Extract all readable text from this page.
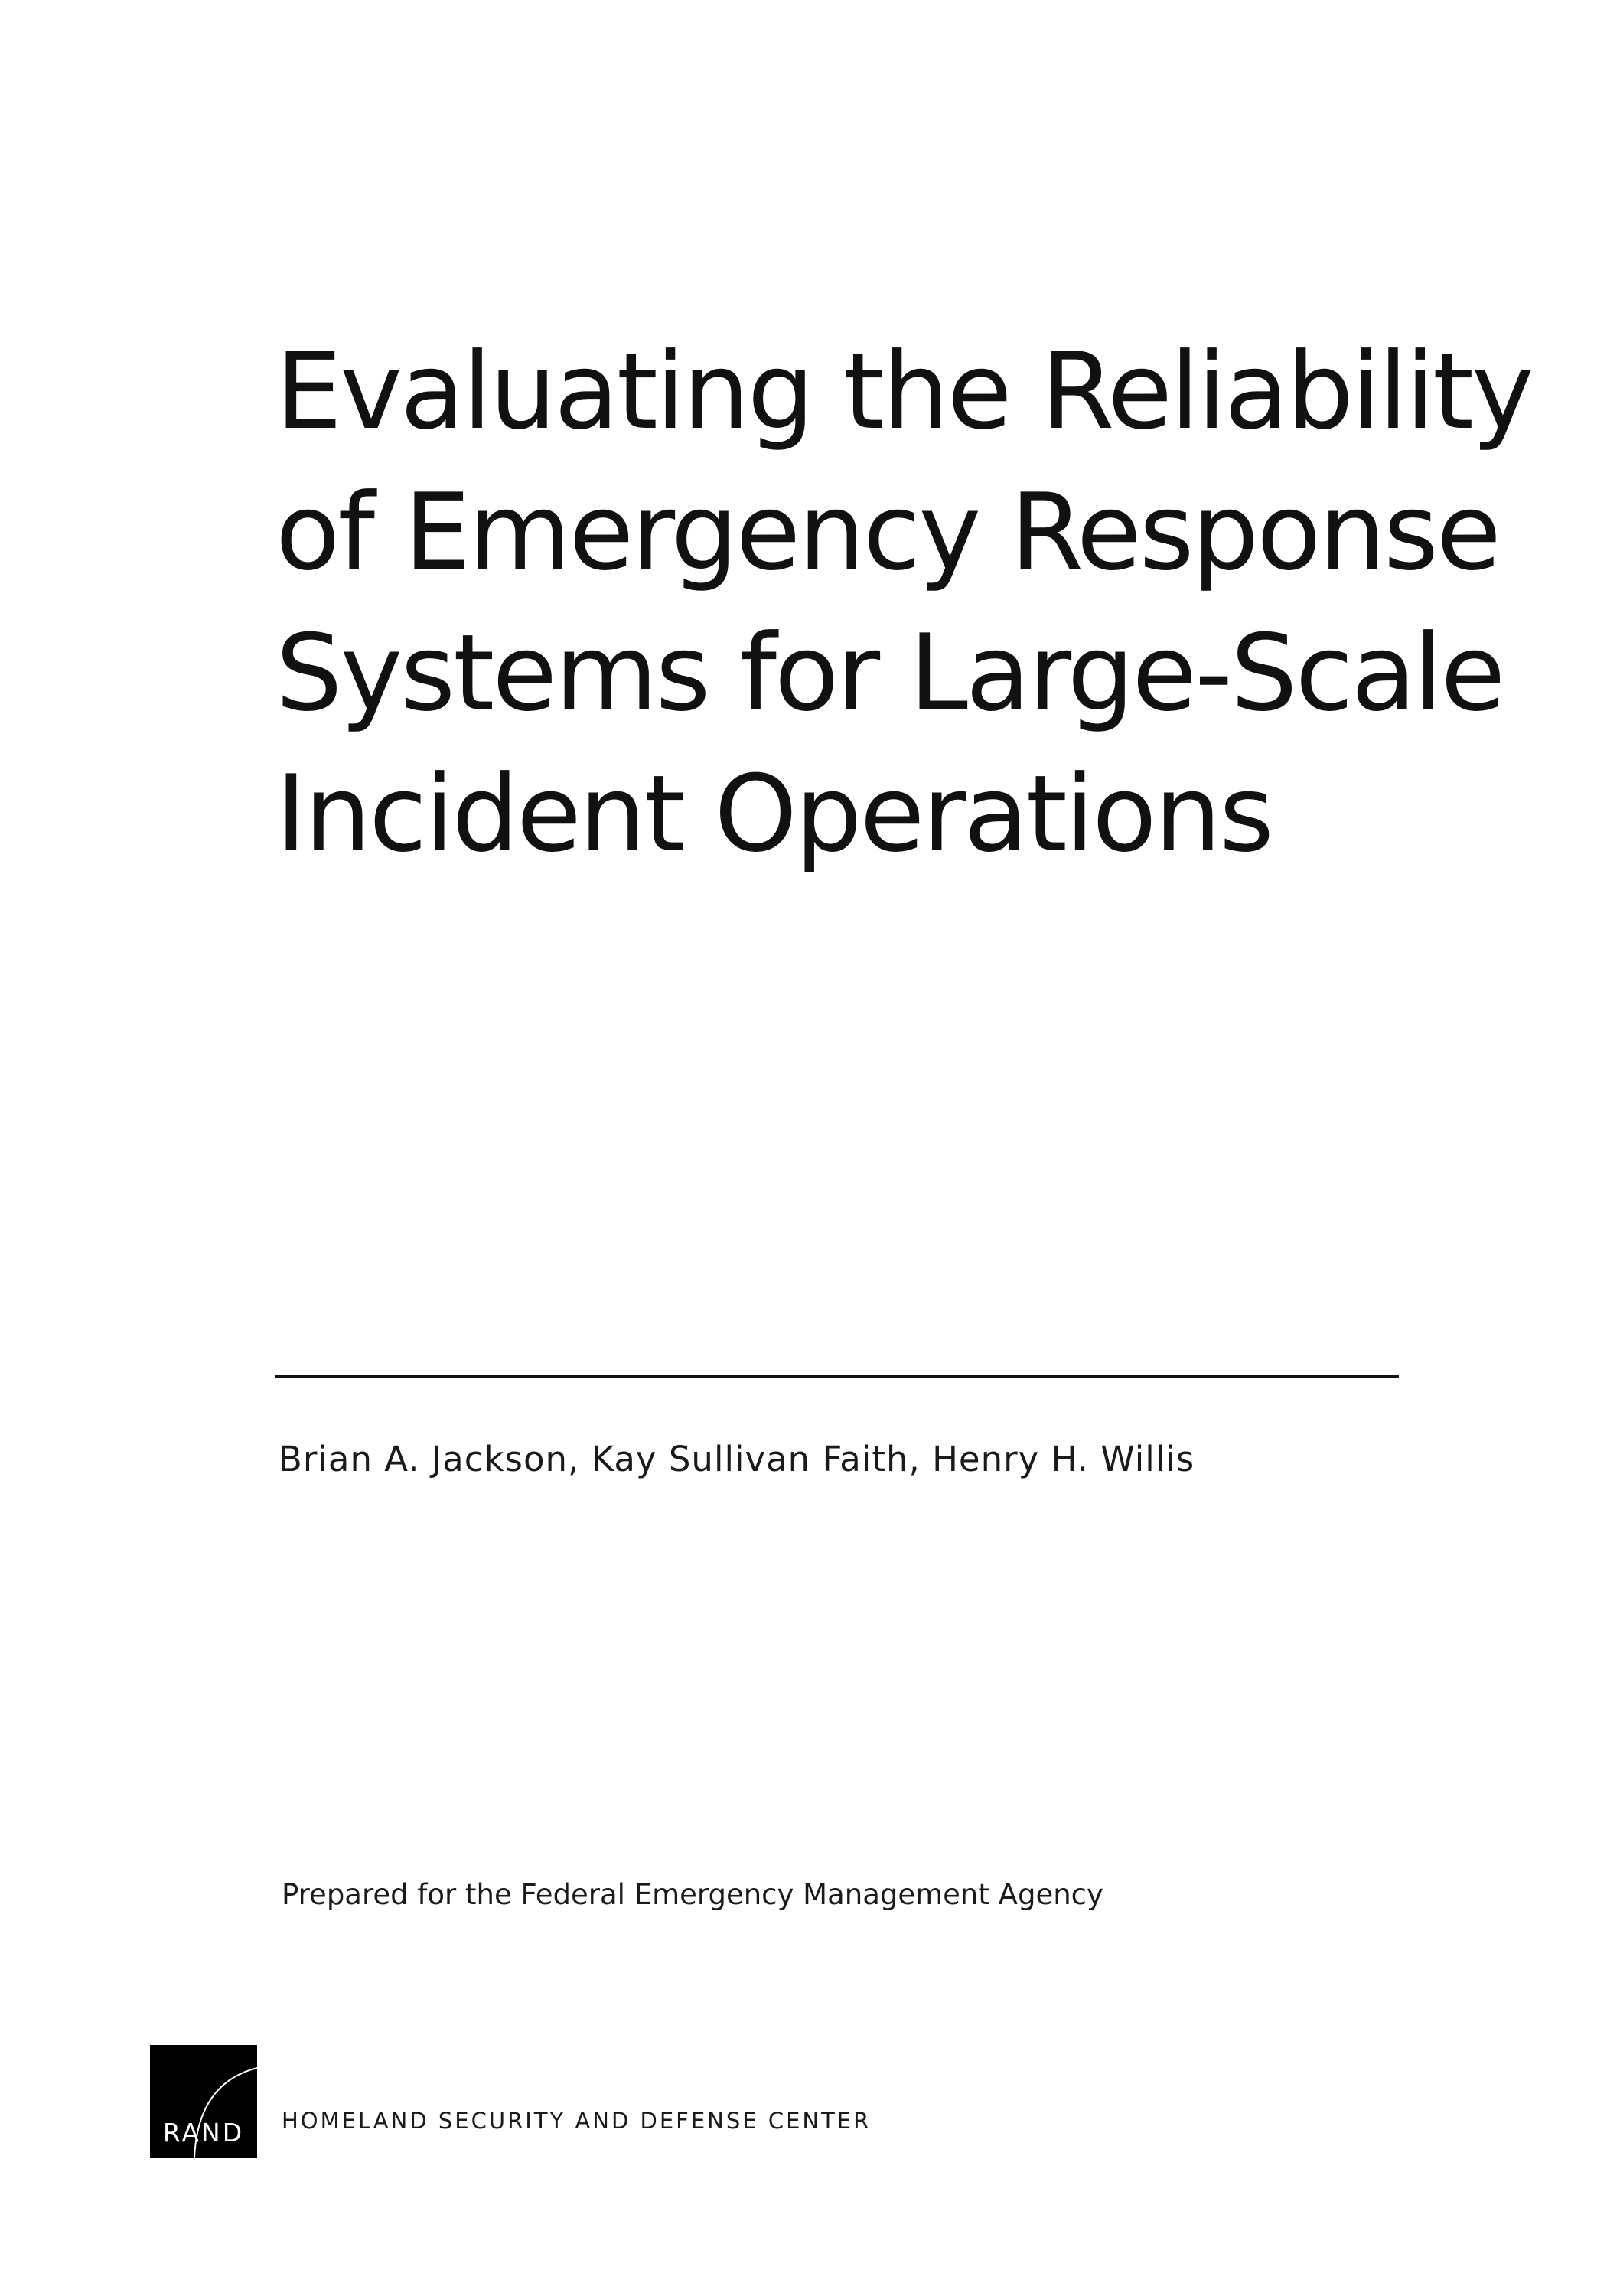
Evaluating the Reliability
of Emergency Response
Systems for Large-Scale
Incident Operations
Brian A. Jackson, Kay Sullivan Faith, Henry H. Willis
Prepared for the Federal Emergency Management Agency
RAND	HOMELAND SECURITY AND DEFENSE CENTER
